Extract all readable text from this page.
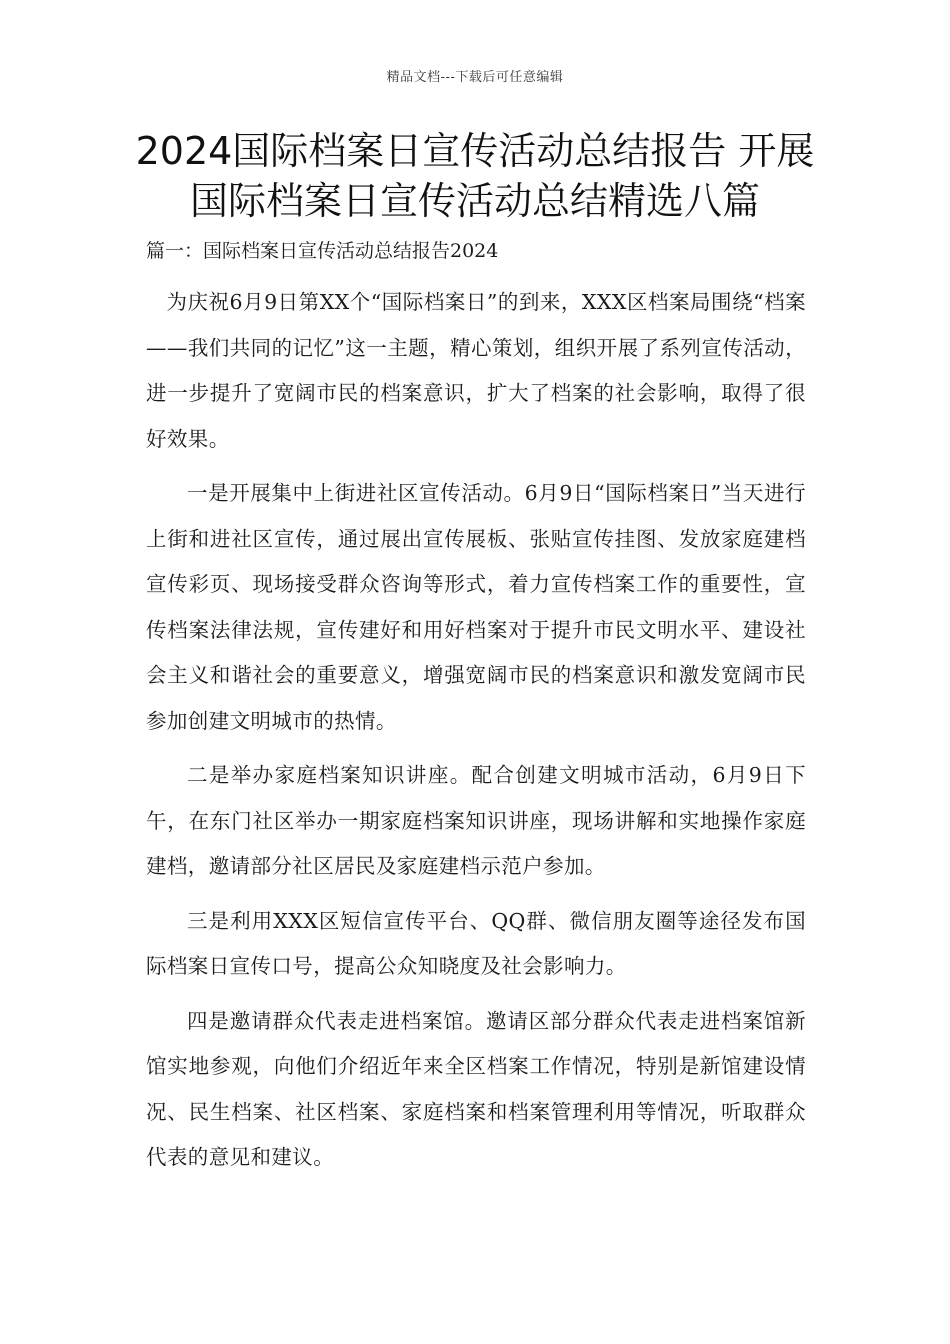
精品文档---下载后可任意编辑
2024国际档案日宣传活动总结报告 开展国际档案日宣传活动总结精选八篇
篇一：国际档案日宣传活动总结报告2024

为庆祝6月9日第XX个“国际档案日”的到来，XXX区档案局围绕“档案——我们共同的记忆”这一主题，精心策划，组织开展了系列宣传活动，进一步提升了宽阔市民的档案意识，扩大了档案的社会影响，取得了很好效果。

一是开展集中上街进社区宣传活动。6月9日“国际档案日”当天进行上街和进社区宣传，通过展出宣传展板、张贴宣传挂图、发放家庭建档宣传彩页、现场接受群众咨询等形式，着力宣传档案工作的重要性，宣传档案法律法规，宣传建好和用好档案对于提升市民文明水平、建设社会主义和谐社会的重要意义，增强宽阔市民的档案意识和激发宽阔市民参加创建文明城市的热情。

二是举办家庭档案知识讲座。配合创建文明城市活动，6月9日下午，在东门社区举办一期家庭档案知识讲座，现场讲解和实地操作家庭建档，邀请部分社区居民及家庭建档示范户参加。

三是利用XXX区短信宣传平台、QQ群、微信朋友圈等途径发布国际档案日宣传口号，提高公众知晓度及社会影响力。

四是邀请群众代表走进档案馆。邀请区部分群众代表走进档案馆新馆实地参观，向他们介绍近年来全区档案工作情况，特别是新馆建设情况、民生档案、社区档案、家庭档案和档案管理利用等情况，听取群众代表的意见和建议。
